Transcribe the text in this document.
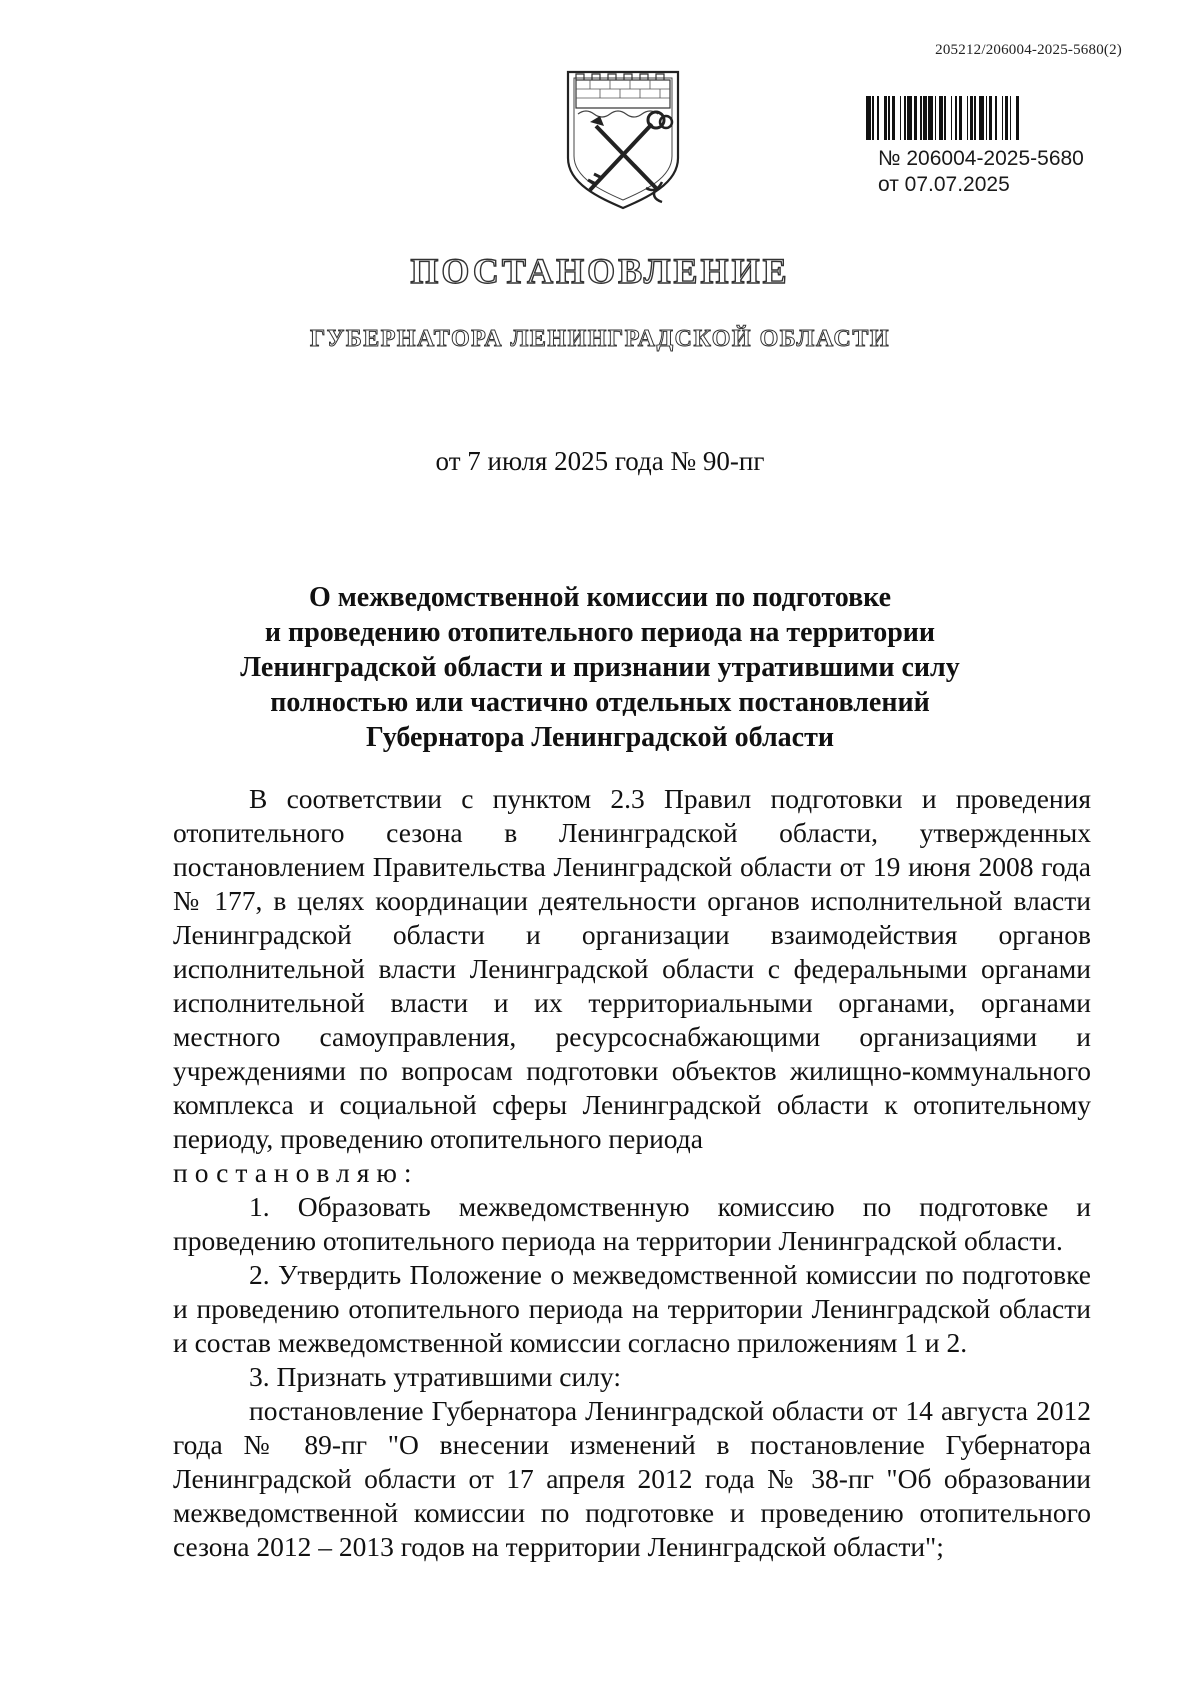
205212/206004-2025-5680(2)
№ 206004-2025-5680
от 07.07.2025
ПОСТАНОВЛЕНИЕ
ГУБЕРНАТОРА ЛЕНИНГРАДСКОЙ ОБЛАСТИ
от 7 июля 2025 года № 90-пг
О межведомственной комиссии по подготовке
и проведению отопительного периода на территории
Ленинградской области и признании утратившими силу
полностью или частично отдельных постановлений
Губернатора Ленинградской области

В соответствии с пунктом 2.3 Правил подготовки и проведения отопительного сезона в Ленинградской области, утвержденных постановлением Правительства Ленинградской области от 19 июня 2008 года № 177, в целях координации деятельности органов исполнительной власти Ленинградской области и организации взаимодействия органов исполнительной власти Ленинградской области с федеральными органами исполнительной власти и их территориальными органами, органами местного самоуправления, ресурсоснабжающими организациями и учреждениями по вопросам подготовки объектов жилищно-коммунального комплекса и социальной сферы Ленинградской области к отопительному периоду, проведению отопительного периода

постановляю:

1. Образовать межведомственную комиссию по подготовке и проведению отопительного периода на территории Ленинградской области.

2. Утвердить Положение о межведомственной комиссии по подготовке и проведению отопительного периода на территории Ленинградской области и состав межведомственной комиссии согласно приложениям 1 и 2.

3. Признать утратившими силу:

постановление Губернатора Ленинградской области от 14 августа 2012 года № 89-пг "О внесении изменений в постановление Губернатора Ленинградской области от 17 апреля 2012 года № 38-пг "Об образовании межведомственной комиссии по подготовке и проведению отопительного сезона 2012 – 2013 годов на территории Ленинградской области";
